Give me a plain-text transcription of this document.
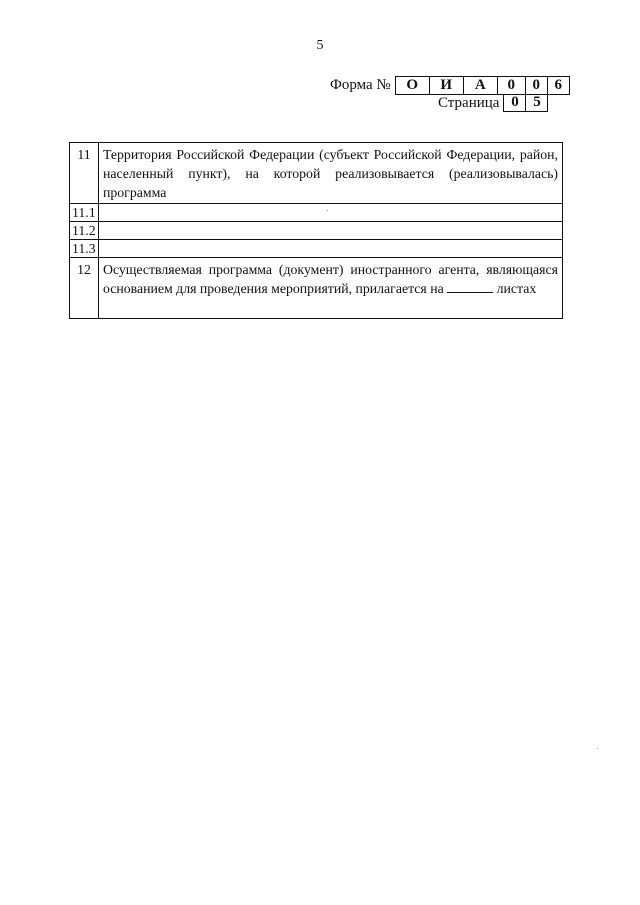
5
Форма №	О	И	А	0	0 6
Страница 0 5
11	Территория Российской Федерации (субъект Российской Федерации, район, населенный пункт), на которой реализовывается (реализовывалась) программа
11.1	
11.2	
11.3	
12	Осуществляемая программа (документ) иностранного агента, являющаяся основанием для проведения мероприятий, прилагается на листах
